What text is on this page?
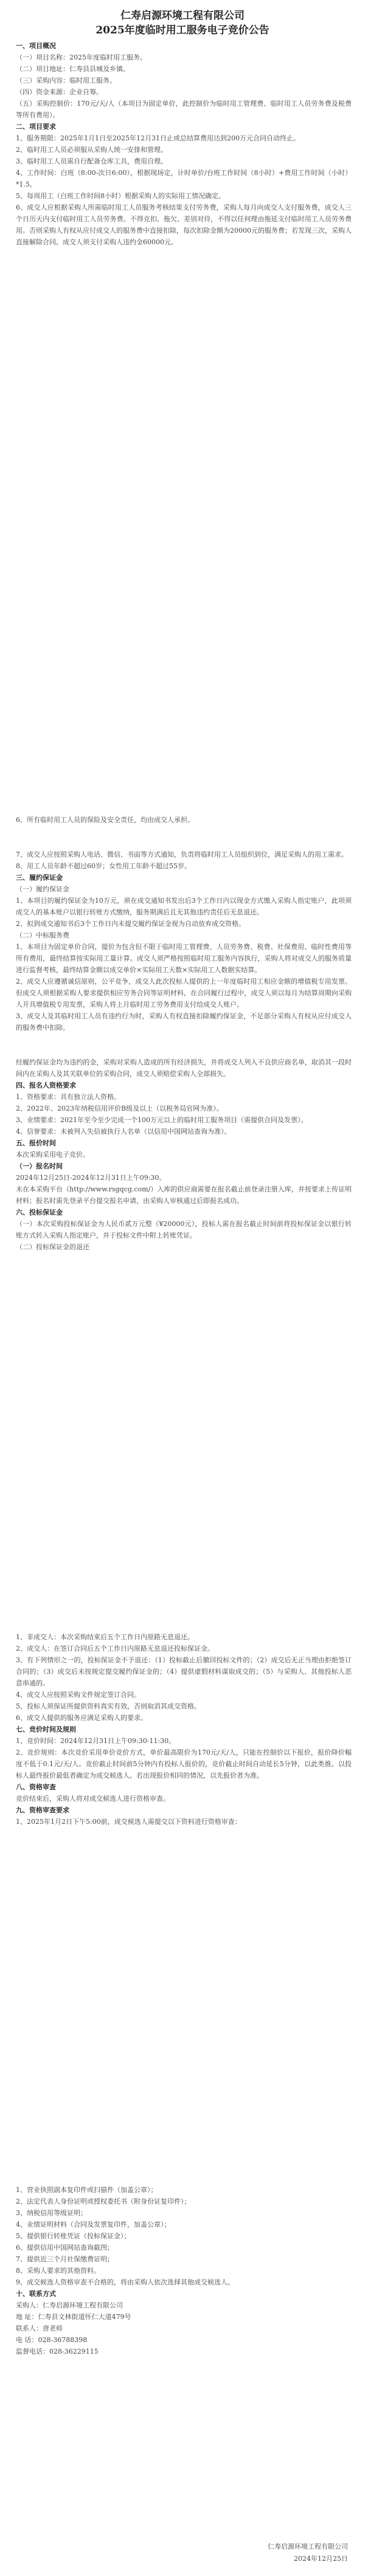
仁寿启源环境工程有限公司
2025年度临时用工服务电子竞价公告

一、项目概况

（一）项目名称：2025年度临时用工服务。

（二）项目地址：仁寿县县城及乡镇。

（三）采购内容：临时用工服务。

（四）资金来源：企业自筹。

（五）采购控制价：170元/天/人（本项目为固定单价，此控制价为临时用工管理费、临时用工人员劳务费及税费等所有费用）。

二、项目要求

1、服务期限：2025年1月1日至2025年12月31日止或总结算费用达到200万元合同自动终止。

2、临时用工人员必须服从采购人统一安排和管理。

3、临时用工人员需自行配备仓库工具，费用自理。

4、工作时间：白班（8:00-次日6:00），根据现场定，计时单价/台班工作时间（8小时）+费用工作时间（小时）*1.5。

5、每周用工（白班工作时间8小时）根据采购人的实际用工情况确定。

6、成交人应根据采购人所需临时用工人员服务考核结果支付劳务费，采购人每月向成交人支付服务费，成交人三个日历天内支付临时用工人员劳务费。不得克扣、拖欠、差别对待，不得以任何理由拖延支付临时用工人员劳务费用。否则采购人有权从应付成交人的服务费中直接扣除，每次扣除金额为20000元的服务费；若发现三次，采购人直接解除合同。成交人须支付采购人违约金60000元。

6、所有临时用工人员的保险及安全责任，均由成交人承担。

7、成交人应按照采购人电话、微信、书面等方式通知，负责将临时用工人员组织到位，满足采购人的用工需求。

8、用工人员年龄不超过60岁；女性用工年龄不超过55岁。

三、履约保证金

（一）履约保证金

1、本项目的履约保证金为10万元，须在成交通知书发出后3个工作日内以现金方式缴入采购人指定账户，此项须成交人的基本账户以银行转账方式缴纳，服务期满后且无其他违约责任后无息退还。

2、拟到成交通知书后3个工作日内未提交履约保证金视为自动放弃成交资格。

（二）中标服务费

1、本项目为固定单价合同，提价为包含但不限于临时用工管理费、人员劳务费、税费、社保费用、临时性费用等所有费用，最终结算按实际用工量计算。成交人须严格按照临时用工服务内容执行，采购人将对成交人的服务质量进行监督考核，最终结算金额以成交单价×实际用工天数×实际用工人数据实结算。

2、成交人应遵循诚信原则，公平竞争，成交人此次投标人提供的上一年度临时用工相应金额的增值税专用发票。但成交人须根据采购人要求提供相应劳务合同等证明材料，在合同履行过程中，成交人须以每月为结算周期向采购人开具增值税专用发票，采购人将上月临时用工劳务费用支付给成交人账户。

3、成交人及其临时用工人员有违约行为时，采购人有权直接扣除履约保证金，不足部分采购人有权从应付成交人的服务费中扣除。

经履约保证金均为违约的金，采购对采购人造成的所有经济损失，并将成交人列入不良供应商名单，取消其一段时间内在采购人及其关联单位的采购合同，成交人须赔偿采购人全部损失。

四、报名人资格要求

1、资格要求：具有独立法人资格。

2、2022年、2023年纳税信用评价B级及以上（以税务局官网为准）。

3、业绩要求：2021年至今至少完成一个100万元以上的临时用工服务项目（需提供合同及发票）。

4、信誉要求：未被列入失信被执行人名单（以信用中国网站查询为准）。

五、报价时间

本次采购采用电子竞价。

（一）报名时间

2024年12月25日-2024年12月31日上午09:30。

未在本采购平台（http://www.rsgqcg.com/）入库的供应商需要在报名截止前登录注册入库，并按要求上传证明材料；报名时需先登录平台提交报名申请，由采购人审核通过后即报名成功。

六、投标保证金

（一）本次采购投标保证金为人民币贰万元整（¥20000元），投标人需在报名截止时间前将投标保证金以银行转账方式转入采购人指定账户，并于投标文件中附上转账凭证。

（二）投标保证金的退还

1、非成交人：本次采购结束后五个工作日内原路无息退还。

2、成交人：在签订合同后五个工作日内原路无息退还投标保证金。

3、有下列情形之一的，投标保证金不予退还：（1）投标截止后撤回投标文件的；（2）成交后无正当理由拒绝签订合同的；（3）成交后未按规定提交履约保证金的；（4）提供虚假材料谋取成交的；（5）与采购人、其他投标人恶意串通的。

4、成交人应按照采购文件规定签订合同。

5、投标人须保证所提供资料真实有效，否则取消其成交资格。

6、成交人提供的服务应满足采购人的要求。

七、竞价时间及规则

1、竞价时间：2024年12月31日上午09:30-11:30。

2、竞价规则：本次竞价采用单价竞价方式，单价最高限价为170元/天/人，只能在控制价以下报价，报价降价幅度不低于0.1元/天/人。竞价截止时间前5分钟内有投标人报价的，竞价截止时间自动延长5分钟，以此类推。以投标人最终报价最低者确定为成交候选人。若出现报价相同的情况，以先报价者为准。

八、资格审查

竞价结束后，采购人将对成交候选人进行资格审查。

九、资格审查要求

1、2025年1月2日下午5:00前，成交候选人需提交以下资料进行资格审查：

1、营业执照副本复印件或扫描件（加盖公章）；

2、法定代表人身份证明或授权委托书（附身份证复印件）；

3、纳税信用等级证明；

4、业绩证明材料（合同及发票复印件，加盖公章）；

5、提供银行转账凭证（投标保证金）；

6、提供信用中国网站查询截图；

7、提供近三个月社保缴费证明；

8、采购人要求的其他资料。

9、成交候选人资格审查不合格的，将由采购人依次选择其他成交候选人。

十、联系方式

采购人：仁寿启源环境工程有限公司

地 址：仁寿县文林街道怀仁大道479号

联系人：唐老师

电 话：028-36788398

监督电话：028-36229115

仁寿启源环境工程有限公司
2024年12月25日
